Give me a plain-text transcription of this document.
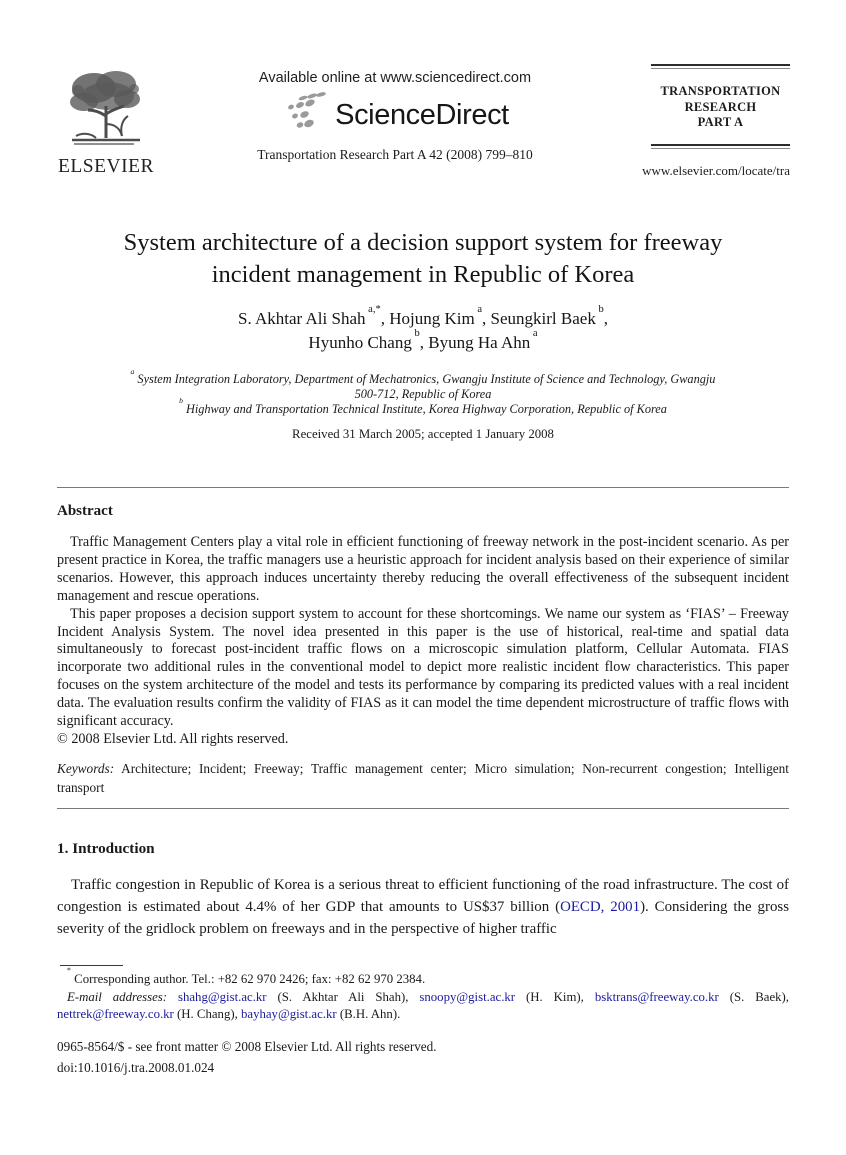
ELSEVIER
Available online at www.sciencedirect.com
ScienceDirect
Transportation Research Part A 42 (2008) 799–810
TRANSPORTATION
RESEARCH
PART A
www.elsevier.com/locate/tra
System architecture of a decision support system for freeway incident management in Republic of Korea
S. Akhtar Ali Shah $^{a,*}$, Hojung Kim $^a$, Seungkirl Baek $^b$,
Hyunho Chang $^b$, Byung Ha Ahn $^a$
$^a$ System Integration Laboratory, Department of Mechatronics, Gwangju Institute of Science and Technology, Gwangju 500-712, Republic of Korea
$^b$ Highway and Transportation Technical Institute, Korea Highway Corporation, Republic of Korea
Received 31 March 2005; accepted 1 January 2008
Abstract

Traffic Management Centers play a vital role in efficient functioning of freeway network in the post-incident scenario. As per present practice in Korea, the traffic managers use a heuristic approach for incident analysis based on their experience of similar scenarios. However, this approach induces uncertainty thereby reducing the overall effectiveness of the subsequent incident management and rescue operations.

This paper proposes a decision support system to account for these shortcomings. We name our system as ‘FIAS’ – Freeway Incident Analysis System. The novel idea presented in this paper is the use of historical, real-time and spatial data simultaneously to forecast post-incident traffic flows on a microscopic simulation platform, Cellular Automata. FIAS incorporate two additional rules in the conventional model to depict more realistic incident flow characteristics. This paper focuses on the system architecture of the model and tests its performance by comparing its predicted values with a real incident data. The evaluation results confirm the validity of FIAS as it can model the time dependent microstructure of traffic flows with significant accuracy.

© 2008 Elsevier Ltd. All rights reserved.

Keywords: Architecture; Incident; Freeway; Traffic management center; Micro simulation; Non-recurrent congestion; Intelligent transport
1. Introduction
Traffic congestion in Republic of Korea is a serious threat to efficient functioning of the road infrastructure. The cost of congestion is estimated about 4.4% of her GDP that amounts to US$37 billion (OECD, 2001). Considering the gross severity of the gridlock problem on freeways and in the perspective of higher traffic

* Corresponding author. Tel.: +82 62 970 2426; fax: +82 62 970 2384.

E-mail addresses: shahg@gist.ac.kr (S. Akhtar Ali Shah), snoopy@gist.ac.kr (H. Kim), bsktrans@freeway.co.kr (S. Baek), nettrek@freeway.co.kr (H. Chang), bayhay@gist.ac.kr (B.H. Ahn).

0965-8564/$ - see front matter © 2008 Elsevier Ltd. All rights reserved.
doi:10.1016/j.tra.2008.01.024
